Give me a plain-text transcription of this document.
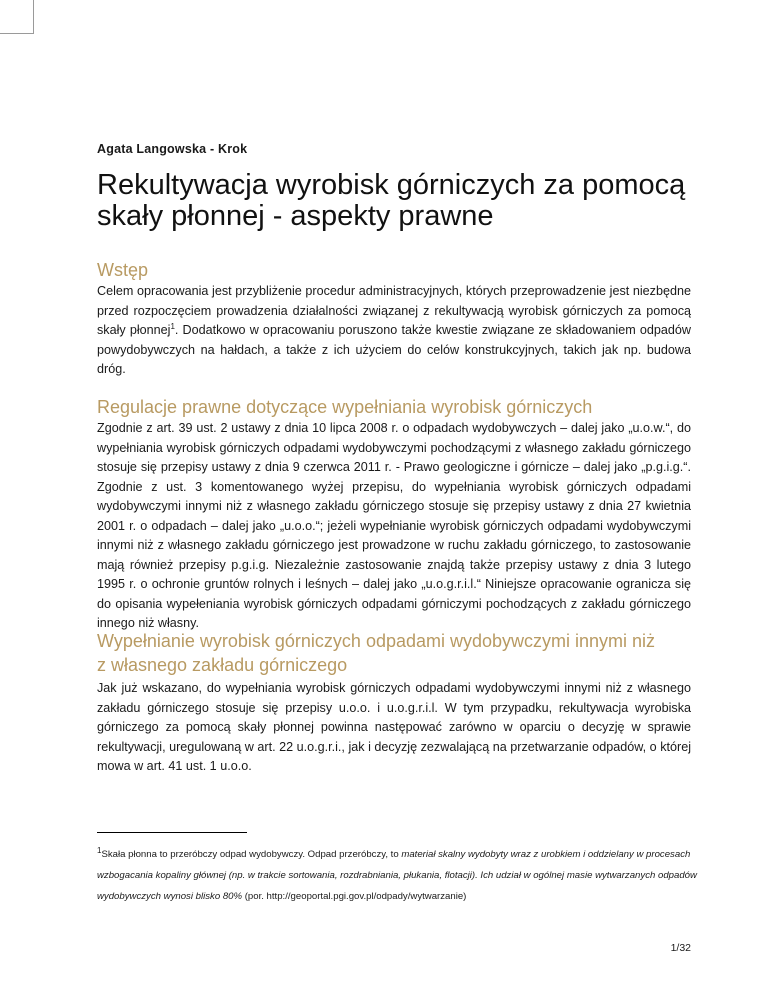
Agata Langowska - Krok
Rekultywacja wyrobisk górniczych za pomocą skały płonnej - aspekty prawne
Wstęp

Celem opracowania jest przybliżenie procedur administracyjnych, których przeprowadzenie jest niezbędne przed rozpoczęciem prowadzenia działalności związanej z rekultywacją wyrobisk górniczych za pomocą skały płonnej$^1$. Dodatkowo w opracowaniu poruszono także kwestie związane ze składowaniem odpadów powydobywczych na hałdach, a także z ich użyciem do celów konstrukcyjnych, takich jak np. budowa dróg.

Regulacje prawne dotyczące wypełniania wyrobisk górniczych

Zgodnie z art. 39 ust. 2 ustawy z dnia 10 lipca 2008 r. o odpadach wydobywczych – dalej jako „u.o.w.“, do wypełniania wyrobisk górniczych odpadami wydobywczymi pochodzącymi z własnego zakładu górniczego stosuje się przepisy ustawy z dnia 9 czerwca 2011 r. - Prawo geologiczne i górnicze – dalej jako „p.g.i.g.“. Zgodnie z ust. 3 komentowanego wyżej przepisu, do wypełniania wyrobisk górniczych odpadami wydobywczymi innymi niż z własnego zakładu górniczego stosuje się przepisy ustawy z dnia 27 kwietnia 2001 r. o odpadach – dalej jako „u.o.o.“; jeżeli wypełnianie wyrobisk górniczych odpadami wydobywczymi innymi niż z własnego zakładu górniczego jest prowadzone w ruchu zakładu górniczego, to zastosowanie mają również przepisy p.g.i.g. Niezależnie zastosowanie znajdą także przepisy ustawy z dnia 3 lutego 1995 r. o ochronie gruntów rolnych i leśnych – dalej jako „u.o.g.r.i.l.“ Niniejsze opracowanie ogranicza się do opisania wypełeniania wyrobisk górniczych odpadami górniczymi pochodzących z zakładu górniczego innego niż własny.

Wypełnianie wyrobisk górniczych odpadami wydobywczymi innymi niż
z własnego zakładu górniczego

Jak już wskazano, do wypełniania wyrobisk górniczych odpadami wydobywczymi innymi niż z własnego zakładu górniczego stosuje się przepisy u.o.o. i u.o.g.r.i.l. W tym przypadku, rekultywacja wyrobiska górniczego za pomocą skały płonnej powinna następować zarówno w oparciu o decyzję w sprawie rekultywacji, uregulowaną w art. 22 u.o.g.r.i., jak i decyzję zezwalającą na przetwarzanie odpadów, o której mowa w art. 41 ust. 1 u.o.o.

$^1$Skała płonna to przeróbczy odpad wydobywczy. Odpad przeróbczy, to materiał skalny wydobyty wraz z urobkiem i oddzielany w procesach wzbogacania kopaliny głównej (np. w trakcie sortowania, rozdrabniania, płukania, flotacji). Ich udział w ogólnej masie wytwarzanych odpadów wydobywczych wynosi blisko 80% (por. http://geoportal.pgi.gov.pl/odpady/wytwarzanie)

1/32
